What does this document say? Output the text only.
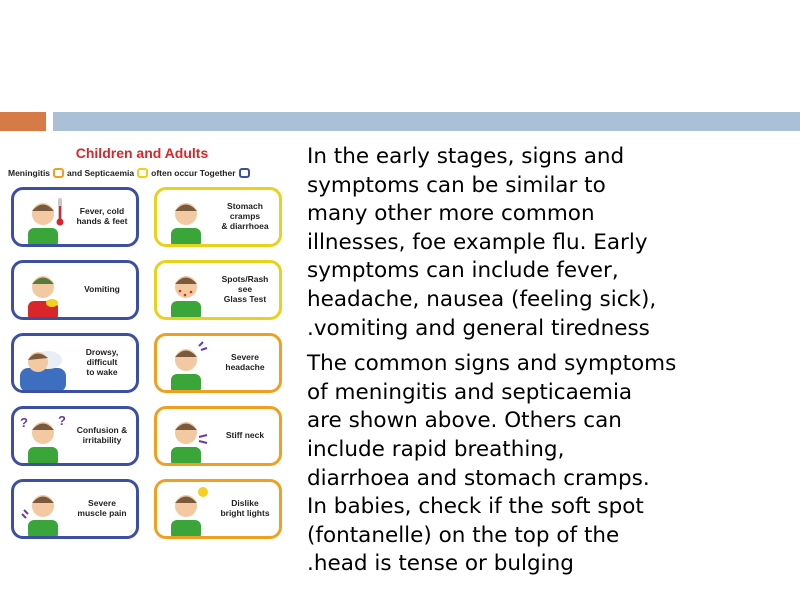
Children and Adults
Meningitis and Septicaemia often occur Together
Fever, cold
hands & feet
Vomiting
Drowsy,
difficult
to wake
? ?
Confusion &
irritability
Severe
muscle pain
Stomach
cramps
& diarrhoea
Spots/Rash
see
Glass Test
Severe
headache
Stiff neck
Dislike
bright lights

In the early stages, signs and
symptoms can be similar to
many other more common
illnesses, foe example flu. Early
symptoms can include fever,
headache, nausea (feeling sick),
.vomiting and general tiredness

The common signs and symptoms
of meningitis and septicaemia
are shown above. Others can
include rapid breathing,
diarrhoea and stomach cramps.
In babies, check if the soft spot
(fontanelle) on the top of the
.head is tense or bulging
